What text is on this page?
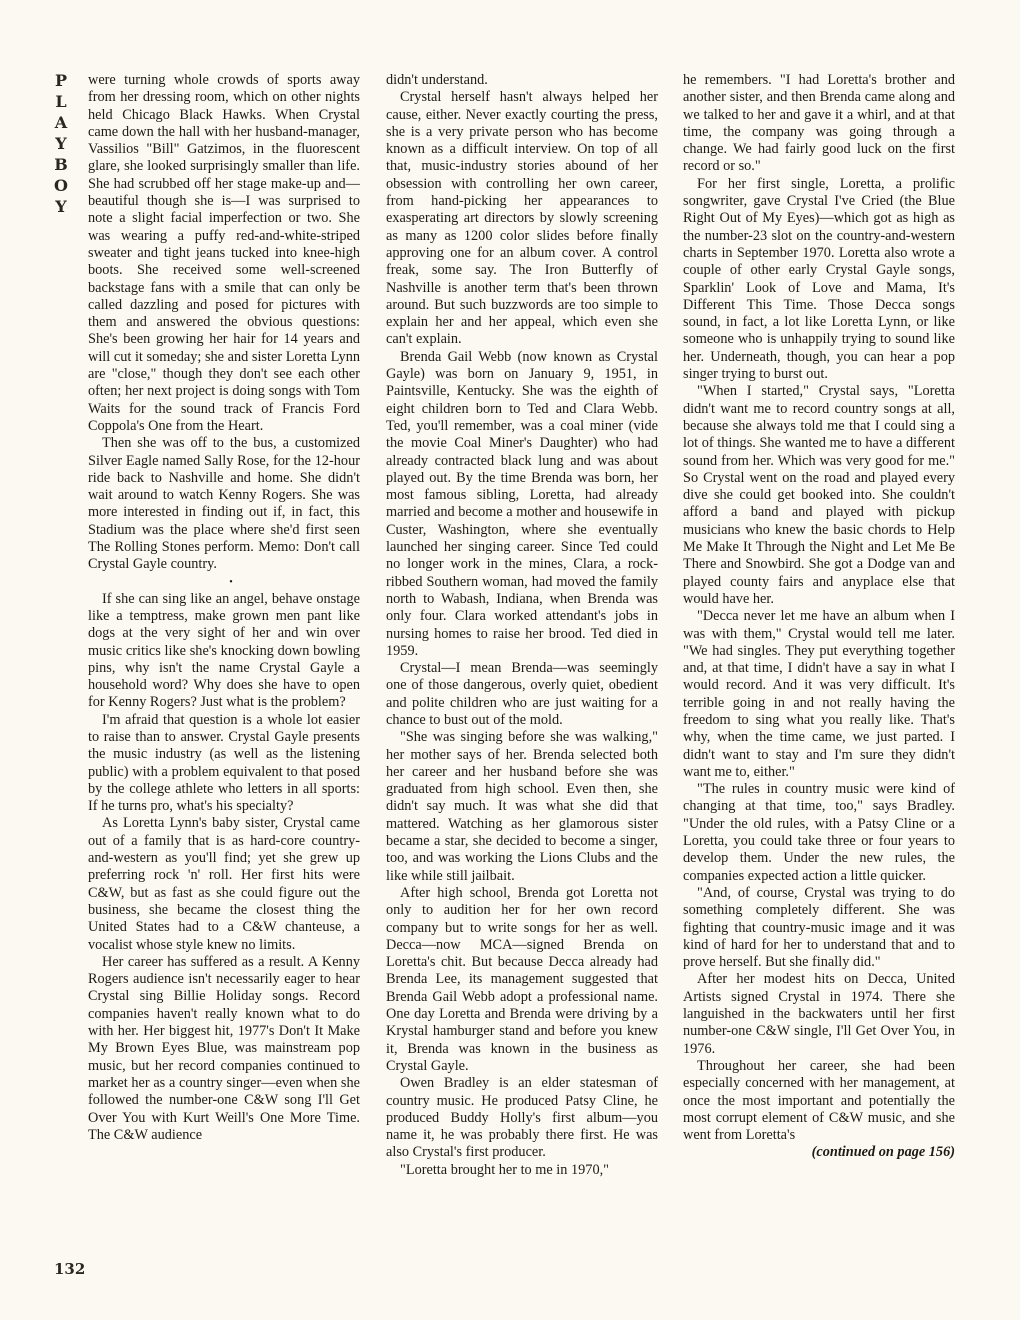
P
L
A
Y
B
O
Y

were turning whole crowds of sports away from her dressing room, which on other nights held Chicago Black Hawks. When Crystal came down the hall with her husband-manager, Vassilios "Bill" Gatzimos, in the fluorescent glare, she looked surprisingly smaller than life. She had scrubbed off her stage make-up and—beautiful though she is—I was surprised to note a slight facial imperfection or two. She was wearing a puffy red-and-white-striped sweater and tight jeans tucked into knee-high boots. She received some well-screened backstage fans with a smile that can only be called dazzling and posed for pictures with them and answered the obvious questions: She's been growing her hair for 14 years and will cut it someday; she and sister Loretta Lynn are "close," though they don't see each other often; her next project is doing songs with Tom Waits for the sound track of Francis Ford Coppola's One from the Heart.

Then she was off to the bus, a customized Silver Eagle named Sally Rose, for the 12-hour ride back to Nashville and home. She didn't wait around to watch Kenny Rogers. She was more interested in finding out if, in fact, this Stadium was the place where she'd first seen The Rolling Stones perform. Memo: Don't call Crystal Gayle country.

•

If she can sing like an angel, behave onstage like a temptress, make grown men pant like dogs at the very sight of her and win over music critics like she's knocking down bowling pins, why isn't the name Crystal Gayle a household word? Why does she have to open for Kenny Rogers? Just what is the problem?

I'm afraid that question is a whole lot easier to raise than to answer. Crystal Gayle presents the music industry (as well as the listening public) with a problem equivalent to that posed by the college athlete who letters in all sports: If he turns pro, what's his specialty?

As Loretta Lynn's baby sister, Crystal came out of a family that is as hard-core country-and-western as you'll find; yet she grew up preferring rock 'n' roll. Her first hits were C&W, but as fast as she could figure out the business, she became the closest thing the United States had to a C&W chanteuse, a vocalist whose style knew no limits.

Her career has suffered as a result. A Kenny Rogers audience isn't necessarily eager to hear Crystal sing Billie Holiday songs. Record companies haven't really known what to do with her. Her biggest hit, 1977's Don't It Make My Brown Eyes Blue, was mainstream pop music, but her record companies continued to market her as a country singer—even when she followed the number-one C&W song I'll Get Over You with Kurt Weill's One More Time. The C&W audience

didn't understand.

Crystal herself hasn't always helped her cause, either. Never exactly courting the press, she is a very private person who has become known as a difficult interview. On top of all that, music-industry stories abound of her obsession with controlling her own career, from hand-picking her appearances to exasperating art directors by slowly screening as many as 1200 color slides before finally approving one for an album cover. A control freak, some say. The Iron Butterfly of Nashville is another term that's been thrown around. But such buzzwords are too simple to explain her and her appeal, which even she can't explain.

Brenda Gail Webb (now known as Crystal Gayle) was born on January 9, 1951, in Paintsville, Kentucky. She was the eighth of eight children born to Ted and Clara Webb. Ted, you'll remember, was a coal miner (vide the movie Coal Miner's Daughter) who had already contracted black lung and was about played out. By the time Brenda was born, her most famous sibling, Loretta, had already married and become a mother and housewife in Custer, Washington, where she eventually launched her singing career. Since Ted could no longer work in the mines, Clara, a rock-ribbed Southern woman, had moved the family north to Wabash, Indiana, when Brenda was only four. Clara worked attendant's jobs in nursing homes to raise her brood. Ted died in 1959.

Crystal—I mean Brenda—was seemingly one of those dangerous, overly quiet, obedient and polite children who are just waiting for a chance to bust out of the mold.

"She was singing before she was walking," her mother says of her. Brenda selected both her career and her husband before she was graduated from high school. Even then, she didn't say much. It was what she did that mattered. Watching as her glamorous sister became a star, she decided to become a singer, too, and was working the Lions Clubs and the like while still jailbait.

After high school, Brenda got Loretta not only to audition her for her own record company but to write songs for her as well. Decca—now MCA—signed Brenda on Loretta's chit. But because Decca already had Brenda Lee, its management suggested that Brenda Gail Webb adopt a professional name. One day Loretta and Brenda were driving by a Krystal hamburger stand and before you knew it, Brenda was known in the business as Crystal Gayle.

Owen Bradley is an elder statesman of country music. He produced Patsy Cline, he produced Buddy Holly's first album—you name it, he was probably there first. He was also Crystal's first producer.

"Loretta brought her to me in 1970,"

he remembers. "I had Loretta's brother and another sister, and then Brenda came along and we talked to her and gave it a whirl, and at that time, the company was going through a change. We had fairly good luck on the first record or so."

For her first single, Loretta, a prolific songwriter, gave Crystal I've Cried (the Blue Right Out of My Eyes)—which got as high as the number-23 slot on the country-and-western charts in September 1970. Loretta also wrote a couple of other early Crystal Gayle songs, Sparklin' Look of Love and Mama, It's Different This Time. Those Decca songs sound, in fact, a lot like Loretta Lynn, or like someone who is unhappily trying to sound like her. Underneath, though, you can hear a pop singer trying to burst out.

"When I started," Crystal says, "Loretta didn't want me to record country songs at all, because she always told me that I could sing a lot of things. She wanted me to have a different sound from her. Which was very good for me." So Crystal went on the road and played every dive she could get booked into. She couldn't afford a band and played with pickup musicians who knew the basic chords to Help Me Make It Through the Night and Let Me Be There and Snowbird. She got a Dodge van and played county fairs and anyplace else that would have her.

"Decca never let me have an album when I was with them," Crystal would tell me later. "We had singles. They put everything together and, at that time, I didn't have a say in what I would record. And it was very difficult. It's terrible going in and not really having the freedom to sing what you really like. That's why, when the time came, we just parted. I didn't want to stay and I'm sure they didn't want me to, either."

"The rules in country music were kind of changing at that time, too," says Bradley. "Under the old rules, with a Patsy Cline or a Loretta, you could take three or four years to develop them. Under the new rules, the companies expected action a little quicker.

"And, of course, Crystal was trying to do something completely different. She was fighting that country-music image and it was kind of hard for her to understand that and to prove herself. But she finally did."

After her modest hits on Decca, United Artists signed Crystal in 1974. There she languished in the backwaters until her first number-one C&W single, I'll Get Over You, in 1976.

Throughout her career, she had been especially concerned with her management, at once the most important and potentially the most corrupt element of C&W music, and she went from Loretta's

(continued on page 156)

132
